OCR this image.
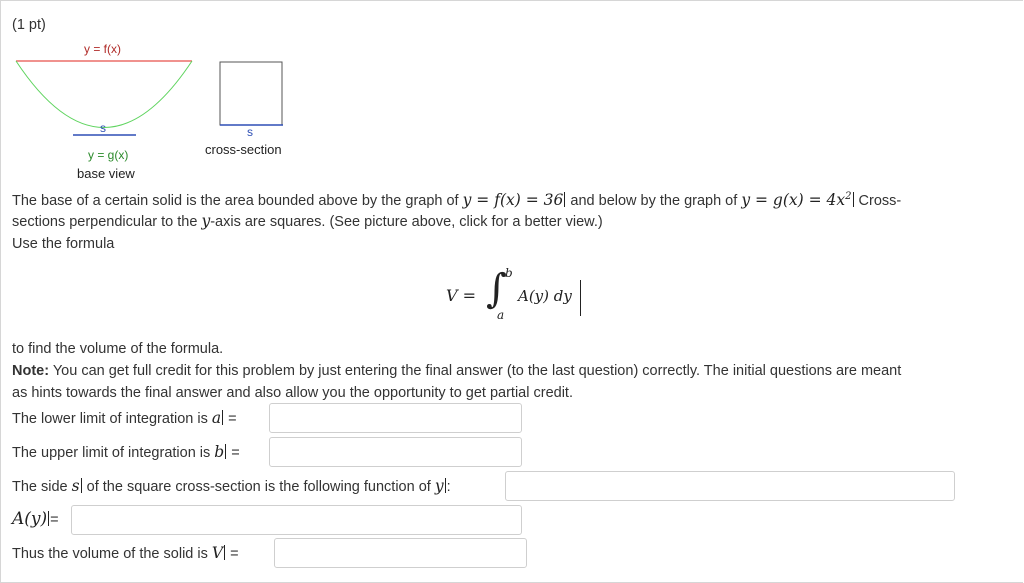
(1 pt)
y = f(x)
s
y = g(x)
base view
s
cross-section
The base of a certain solid is the area bounded above by the graph of y = f(x) = 36 and below by the graph of $y = g(x) = 4x^2$ Cross-
sections perpendicular to the y-axis are squares. (See picture above, click for a better view.)
Use the formula
V = ∫
b
a
A(y) dy
to find the volume of the formula.
Note: You can get full credit for this problem by just entering the final answer (to the last question) correctly. The initial questions are meant
as hints towards the final answer and also allow you the opportunity to get partial credit.
The lower limit of integration is a =
The upper limit of integration is b =
The side s of the square cross-section is the following function of y :
A(y) =
Thus the volume of the solid is V =
